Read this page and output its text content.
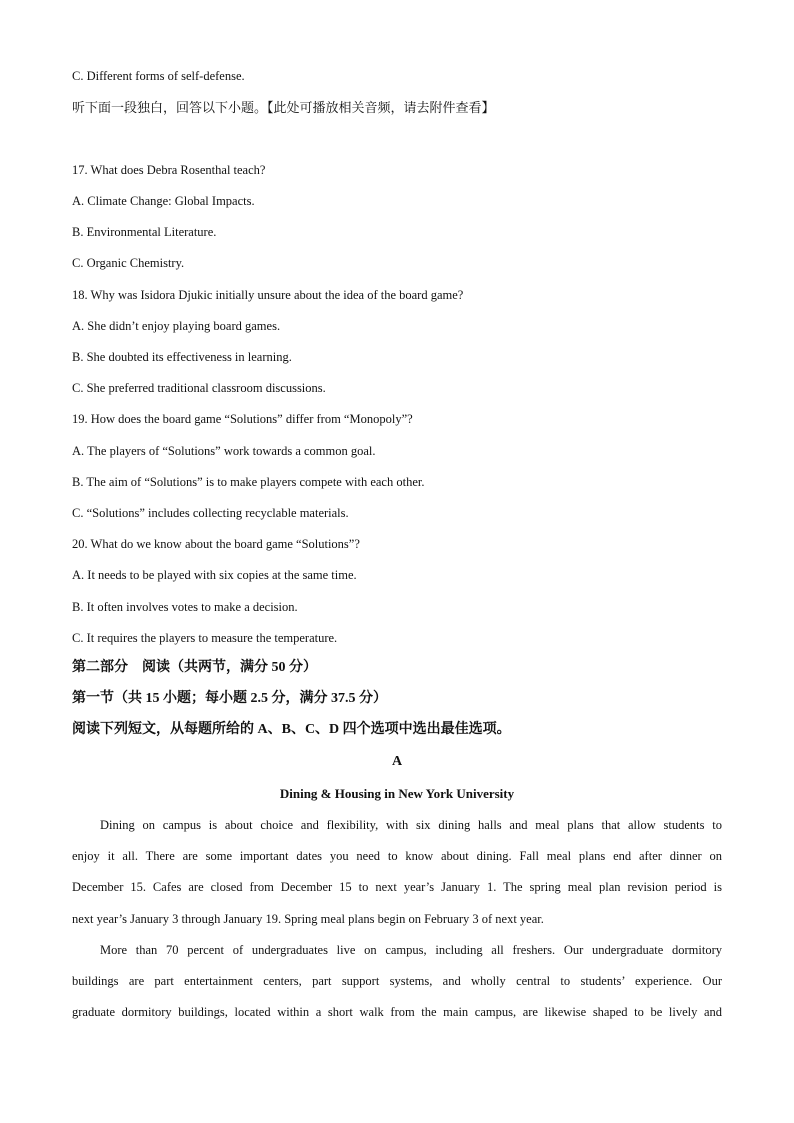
C. Different forms of self-defense.
听下面一段独白，回答以下小题。【此处可播放相关音频，请去附件查看】
17. What does Debra Rosenthal teach?
A. Climate Change: Global Impacts.
B. Environmental Literature.
C. Organic Chemistry.
18. Why was Isidora Djukic initially unsure about the idea of the board game?
A. She didn’t enjoy playing board games.
B. She doubted its effectiveness in learning.
C. She preferred traditional classroom discussions.
19. How does the board game “Solutions” differ from “Monopoly”?
A. The players of “Solutions” work towards a common goal.
B. The aim of “Solutions” is to make players compete with each other.
C. “Solutions” includes collecting recyclable materials.
20. What do we know about the board game “Solutions”?
A. It needs to be played with six copies at the same time.
B. It often involves votes to make a decision.
C. It requires the players to measure the temperature.
第二部分　阅读（共两节，满分 50 分）
第一节（共 15 小题；每小题 2.5 分，满分 37.5 分）
阅读下列短文，从每题所给的 A、B、C、D 四个选项中选出最佳选项。
A
Dining & Housing in New York University
Dining on campus is about choice and flexibility, with six dining halls and meal plans that allow students to
enjoy it all. There are some important dates you need to know about dining. Fall meal plans end after dinner on
December 15. Cafes are closed from December 15 to next year’s January 1. The spring meal plan revision period is
next year’s January 3 through January 19. Spring meal plans begin on February 3 of next year.
More than 70 percent of undergraduates live on campus, including all freshers. Our undergraduate dormitory
buildings are part entertainment centers, part support systems, and wholly central to students’ experience. Our
graduate dormitory buildings, located within a short walk from the main campus, are likewise shaped to be lively and
